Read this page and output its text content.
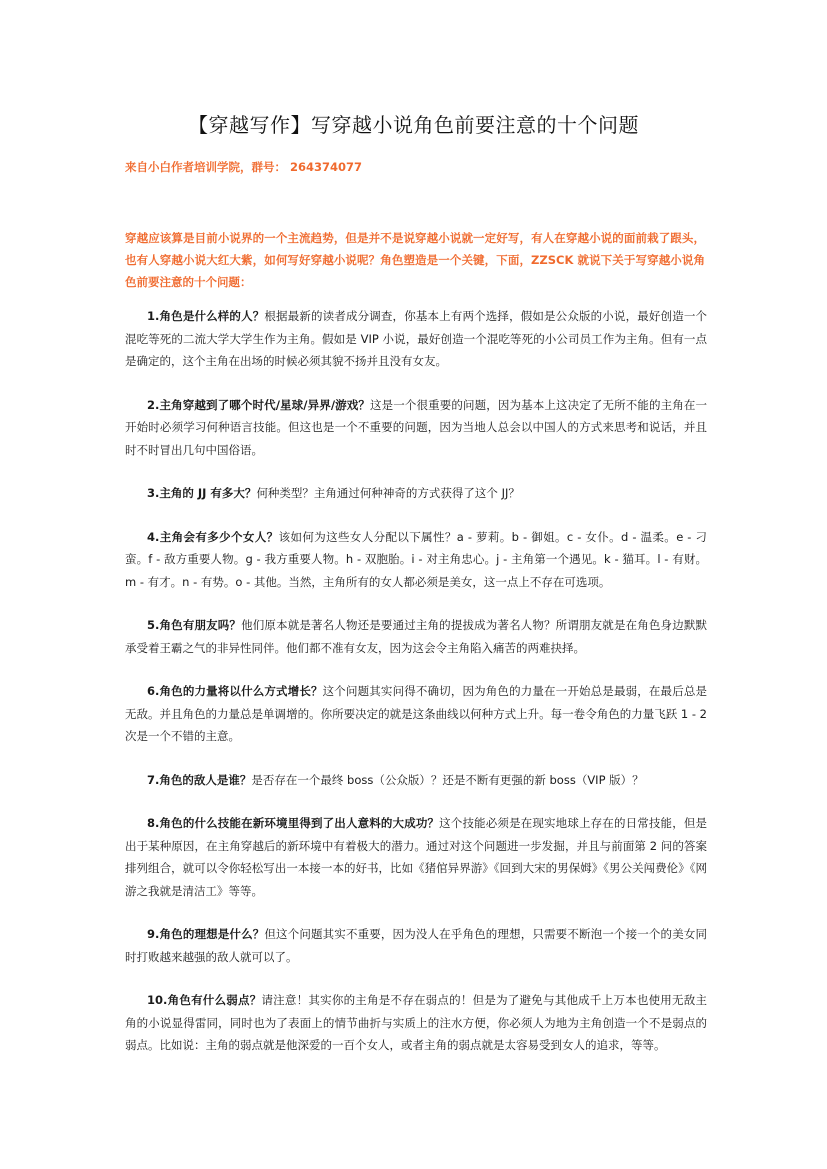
【穿越写作】写穿越小说角色前要注意的十个问题
来自小白作者培训学院，群号： 264374077
穿越应该算是目前小说界的一个主流趋势，但是并不是说穿越小说就一定好写，有人在穿越小说的面前栽了跟头，也有人穿越小说大红大紫，如何写好穿越小说呢？角色塑造是一个关键，下面，ZZSCK 就说下关于写穿越小说角色前要注意的十个问题：

1.角色是什么样的人？根据最新的读者成分调查，你基本上有两个选择，假如是公众版的小说，最好创造一个混吃等死的二流大学大学生作为主角。假如是 VIP 小说，最好创造一个混吃等死的小公司员工作为主角。但有一点是确定的，这个主角在出场的时候必须其貌不扬并且没有女友。

2.主角穿越到了哪个时代/星球/异界/游戏？这是一个很重要的问题，因为基本上这决定了无所不能的主角在一开始时必须学习何种语言技能。但这也是一个不重要的问题，因为当地人总会以中国人的方式来思考和说话，并且时不时冒出几句中国俗语。

3.主角的 JJ 有多大？何种类型？主角通过何种神奇的方式获得了这个 JJ？

4.主角会有多少个女人？该如何为这些女人分配以下属性？a - 萝莉。b - 御姐。c - 女仆。d - 温柔。e - 刁蛮。f - 敌方重要人物。g - 我方重要人物。h - 双胞胎。i - 对主角忠心。j - 主角第一个遇见。k - 猫耳。l - 有财。m - 有才。n - 有势。o - 其他。当然，主角所有的女人都必须是美女，这一点上不存在可选项。

5.角色有朋友吗？他们原本就是著名人物还是要通过主角的提拔成为著名人物？所谓朋友就是在角色身边默默承受着王霸之气的非异性同伴。他们都不准有女友，因为这会令主角陷入痛苦的两难抉择。

6.角色的力量将以什么方式增长？这个问题其实问得不确切，因为角色的力量在一开始总是最弱，在最后总是无敌。并且角色的力量总是单调增的。你所要决定的就是这条曲线以何种方式上升。每一卷令角色的力量飞跃 1 - 2 次是一个不错的主意。

7.角色的敌人是谁？是否存在一个最终 boss（公众版）？还是不断有更强的新 boss（VIP 版）？

8.角色的什么技能在新环境里得到了出人意料的大成功？这个技能必须是在现实地球上存在的日常技能，但是出于某种原因，在主角穿越后的新环境中有着极大的潜力。通过对这个问题进一步发掘，并且与前面第 2 问的答案排列组合，就可以令你轻松写出一本接一本的好书，比如《猪倌异界游》《回到大宋的男保姆》《男公关闯费伦》《网游之我就是清洁工》等等。

9.角色的理想是什么？但这个问题其实不重要，因为没人在乎角色的理想，只需要不断泡一个接一个的美女同时打败越来越强的敌人就可以了。

10.角色有什么弱点？请注意！其实你的主角是不存在弱点的！但是为了避免与其他成千上万本也使用无敌主角的小说显得雷同，同时也为了表面上的情节曲折与实质上的注水方便，你必须人为地为主角创造一个不是弱点的弱点。比如说：主角的弱点就是他深爱的一百个女人，或者主角的弱点就是太容易受到女人的追求，等等。
